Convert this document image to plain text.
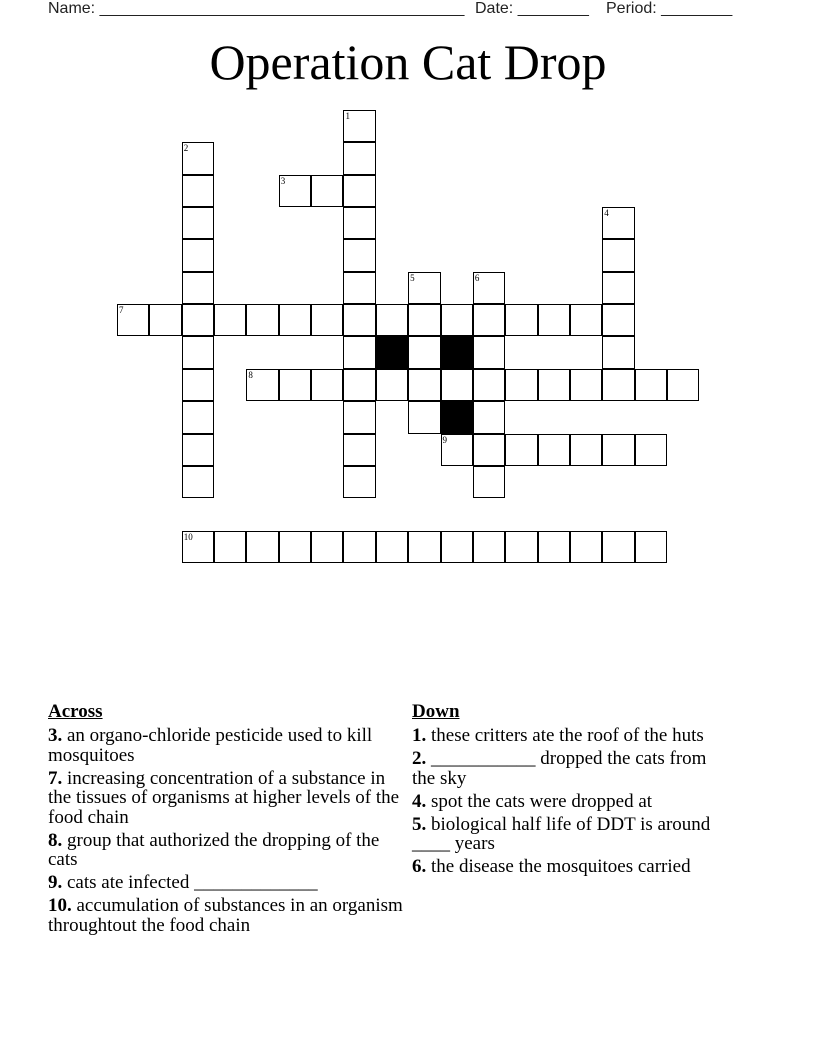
Name: _________________________________________ Date: ________ Period: ________
Operation Cat Drop
1
2
3
4
5	6
7
8
9
10
Across
3. an organo-chloride pesticide used to kill mosquitoes
7. increasing concentration of a substance in the tissues of organisms at higher levels of the food chain
8. group that authorized the dropping of the cats
9. cats ate infected _____________
10. accumulation of substances in an organism throughtout the food chain
Down
1. these critters ate the roof of the huts
2. ___________ dropped the cats from the sky
4. spot the cats were dropped at
5. biological half life of DDT is around ____ years
6. the disease the mosquitoes carried
